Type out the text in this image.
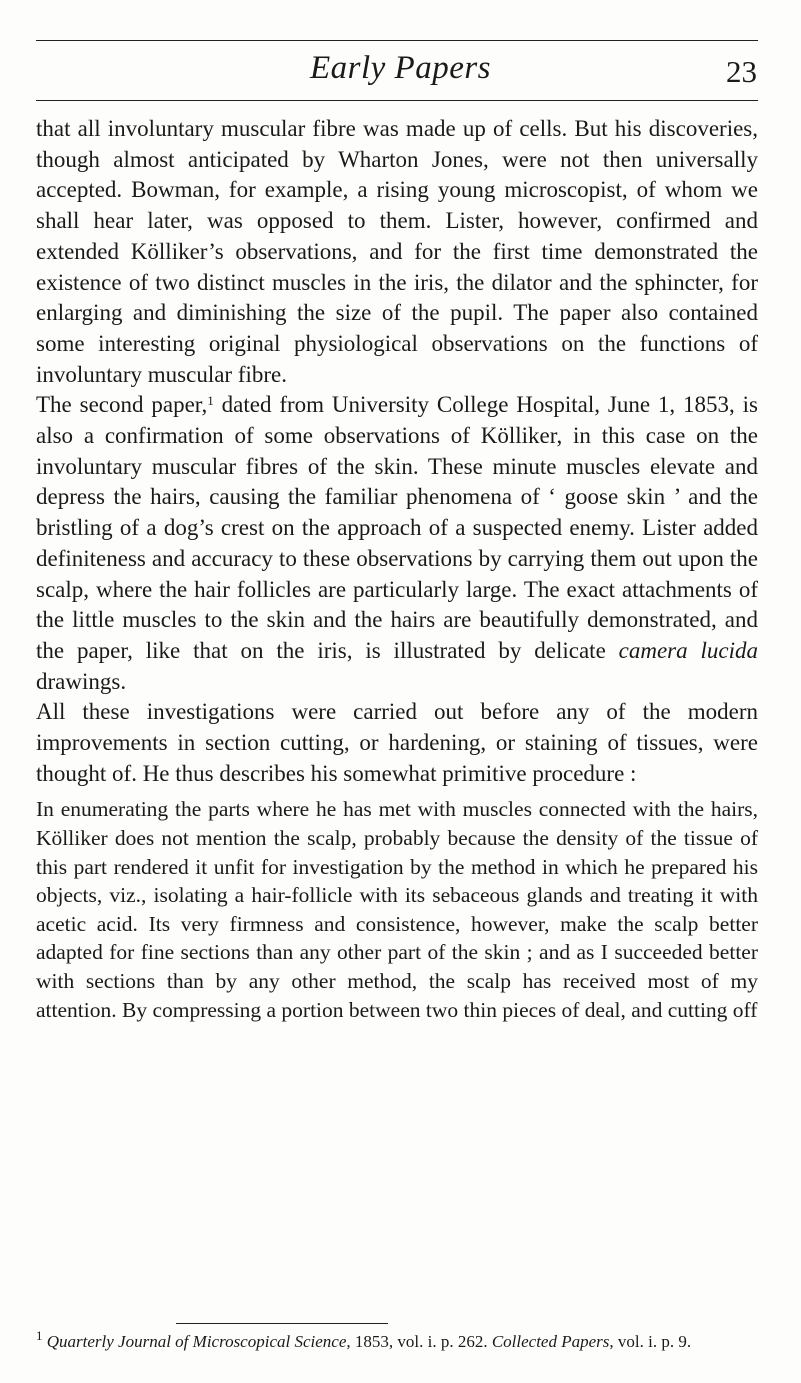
Early Papers	23

that all involuntary muscular fibre was made up of cells. But his discoveries, though almost anticipated by Wharton Jones, were not then universally accepted. Bowman, for example, a rising young microscopist, of whom we shall hear later, was opposed to them. Lister, however, confirmed and extended Kölliker’s observations, and for the first time demonstrated the existence of two distinct muscles in the iris, the dilator and the sphincter, for enlarging and diminishing the size of the pupil. The paper also contained some interesting original physiological observations on the functions of involuntary muscular fibre.

The second paper,$^1$ dated from University College Hospital, June 1, 1853, is also a confirmation of some observations of Kölliker, in this case on the involuntary muscular fibres of the skin. These minute muscles elevate and depress the hairs, causing the familiar phenomena of ‘ goose skin ’ and the bristling of a dog’s crest on the approach of a suspected enemy. Lister added definiteness and accuracy to these observations by carrying them out upon the scalp, where the hair follicles are particularly large. The exact attachments of the little muscles to the skin and the hairs are beautifully demonstrated, and the paper, like that on the iris, is illustrated by delicate camera lucida drawings.

All these investigations were carried out before any of the modern improvements in section cutting, or hardening, or staining of tissues, were thought of. He thus describes his somewhat primitive procedure :

In enumerating the parts where he has met with muscles connected with the hairs, Kölliker does not mention the scalp, probably because the density of the tissue of this part rendered it unfit for investigation by the method in which he prepared his objects, viz., isolating a hair-follicle with its sebaceous glands and treating it with acetic acid. Its very firmness and consistence, however, make the scalp better adapted for fine sections than any other part of the skin ; and as I succeeded better with sections than by any other method, the scalp has received most of my attention. By compressing a portion between two thin pieces of deal, and cutting off

$^1$ Quarterly Journal of Microscopical Science, 1853, vol. i. p. 262. Collected Papers, vol. i. p. 9.
